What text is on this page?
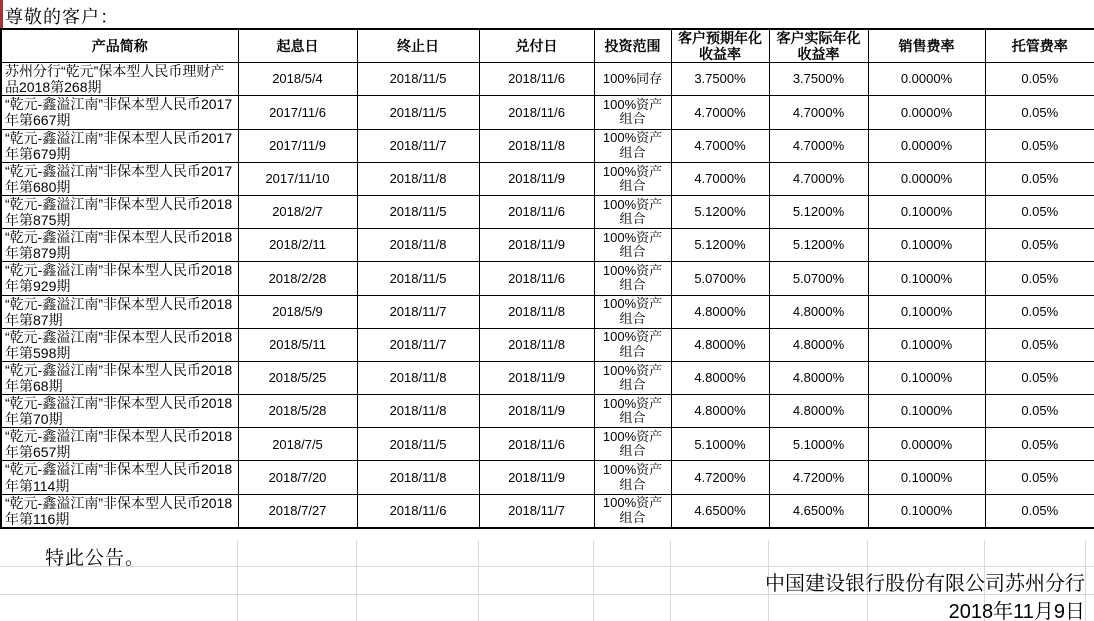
尊敬的客户：
产品简称	起息日	终止日	兑付日	投资范围	客户预期年化收益率	客户实际年化收益率	销售费率	托管费率
苏州分行“乾元”保本型人民币理财产品2018第268期	2018/5/4	2018/11/5	2018/11/6	100%同存	3.7500%	3.7500%	0.0000%	0.05%
“乾元-鑫溢江南”非保本型人民币2017年第667期	2017/11/6	2018/11/5	2018/11/6	100%资产组合	4.7000%	4.7000%	0.0000%	0.05%
“乾元-鑫溢江南”非保本型人民币2017年第679期	2017/11/9	2018/11/7	2018/11/8	100%资产组合	4.7000%	4.7000%	0.0000%	0.05%
“乾元-鑫溢江南”非保本型人民币2017年第680期	2017/11/10	2018/11/8	2018/11/9	100%资产组合	4.7000%	4.7000%	0.0000%	0.05%
“乾元-鑫溢江南”非保本型人民币2018年第875期	2018/2/7	2018/11/5	2018/11/6	100%资产组合	5.1200%	5.1200%	0.1000%	0.05%
“乾元-鑫溢江南”非保本型人民币2018年第879期	2018/2/11	2018/11/8	2018/11/9	100%资产组合	5.1200%	5.1200%	0.1000%	0.05%
“乾元-鑫溢江南”非保本型人民币2018年第929期	2018/2/28	2018/11/5	2018/11/6	100%资产组合	5.0700%	5.0700%	0.1000%	0.05%
“乾元-鑫溢江南”非保本型人民币2018年第87期	2018/5/9	2018/11/7	2018/11/8	100%资产组合	4.8000%	4.8000%	0.1000%	0.05%
“乾元-鑫溢江南”非保本型人民币2018年第598期	2018/5/11	2018/11/7	2018/11/8	100%资产组合	4.8000%	4.8000%	0.1000%	0.05%
“乾元-鑫溢江南”非保本型人民币2018年第68期	2018/5/25	2018/11/8	2018/11/9	100%资产组合	4.8000%	4.8000%	0.1000%	0.05%
“乾元-鑫溢江南”非保本型人民币2018年第70期	2018/5/28	2018/11/8	2018/11/9	100%资产组合	4.8000%	4.8000%	0.1000%	0.05%
“乾元-鑫溢江南”非保本型人民币2018年第657期	2018/7/5	2018/11/5	2018/11/6	100%资产组合	5.1000%	5.1000%	0.0000%	0.05%
“乾元-鑫溢江南”非保本型人民币2018年第114期	2018/7/20	2018/11/8	2018/11/9	100%资产组合	4.7200%	4.7200%	0.1000%	0.05%
“乾元-鑫溢江南”非保本型人民币2018年第116期	2018/7/27	2018/11/6	2018/11/7	100%资产组合	4.6500%	4.6500%	0.1000%	0.05%
特此公告。
中国建设银行股份有限公司苏州分行
2018年11月9日
